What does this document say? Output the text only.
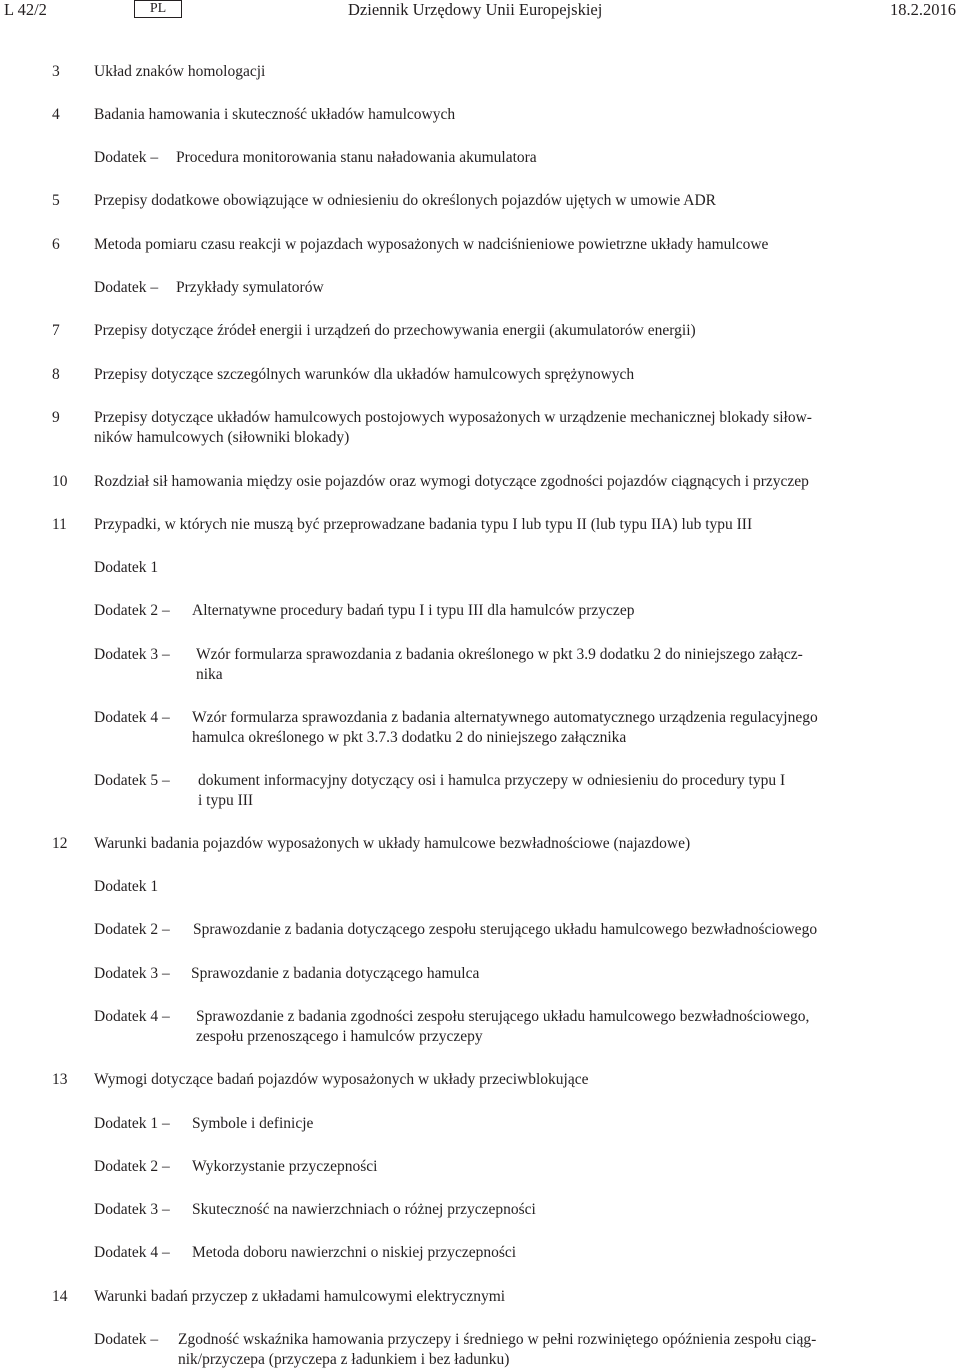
L 42/2	PL	Dziennik Urzędowy Unii Europejskiej	18.2.2016
3 Układ znaków homologacji
4 Badania hamowania i skuteczność układów hamulcowych
Dodatek – Procedura monitorowania stanu naładowania akumulatora
5 Przepisy dodatkowe obowiązujące w odniesieniu do określonych pojazdów ujętych w umowie ADR
6 Metoda pomiaru czasu reakcji w pojazdach wyposażonych w nadciśnieniowe powietrzne układy hamulcowe
Dodatek – Przykłady symulatorów
7 Przepisy dotyczące źródeł energii i urządzeń do przechowywania energii (akumulatorów energii)
8 Przepisy dotyczące szczególnych warunków dla układów hamulcowych sprężynowych
9 Przepisy dotyczące układów hamulcowych postojowych wyposażonych w urządzenie mechanicznej blokady siłow-
ników hamulcowych (siłowniki blokady)
10 Rozdział sił hamowania między osie pojazdów oraz wymogi dotyczące zgodności pojazdów ciągnących i przyczep
11 Przypadki, w których nie muszą być przeprowadzane badania typu I lub typu II (lub typu IIA) lub typu III
Dodatek 1
Dodatek 2 – Alternatywne procedury badań typu I i typu III dla hamulców przyczep
Dodatek 3 – Wzór formularza sprawozdania z badania określonego w pkt 3.9 dodatku 2 do niniejszego załącz-
nika
Dodatek 4 – Wzór formularza sprawozdania z badania alternatywnego automatycznego urządzenia regulacyjnego
hamulca określonego w pkt 3.7.3 dodatku 2 do niniejszego załącznika
Dodatek 5 – dokument informacyjny dotyczący osi i hamulca przyczepy w odniesieniu do procedury typu I
i typu III
12 Warunki badania pojazdów wyposażonych w układy hamulcowe bezwładnościowe (najazdowe)
Dodatek 1
Dodatek 2 – Sprawozdanie z badania dotyczącego zespołu sterującego układu hamulcowego bezwładnościowego
Dodatek 3 – Sprawozdanie z badania dotyczącego hamulca
Dodatek 4 – Sprawozdanie z badania zgodności zespołu sterującego układu hamulcowego bezwładnościowego,
zespołu przenoszącego i hamulców przyczepy
13 Wymogi dotyczące badań pojazdów wyposażonych w układy przeciwblokujące
Dodatek 1 – Symbole i definicje
Dodatek 2 – Wykorzystanie przyczepności
Dodatek 3 – Skuteczność na nawierzchniach o różnej przyczepności
Dodatek 4 – Metoda doboru nawierzchni o niskiej przyczepności
14 Warunki badań przyczep z układami hamulcowymi elektrycznymi
Dodatek – Zgodność wskaźnika hamowania przyczepy i średniego w pełni rozwiniętego opóźnienia zespołu ciąg-
nik/przyczepa (przyczepa z ładunkiem i bez ładunku)
